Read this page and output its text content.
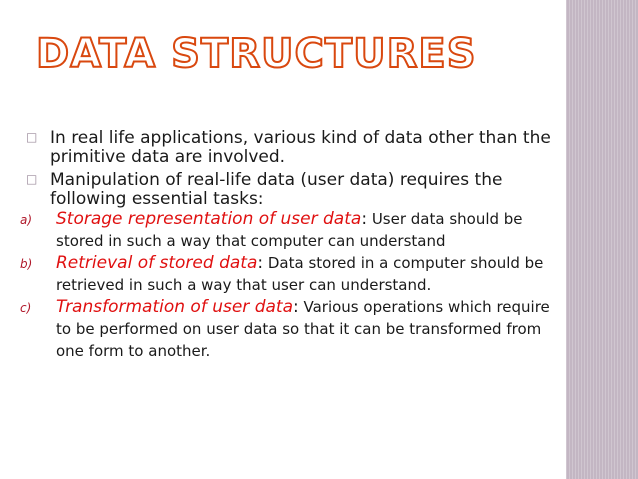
DATA STRUCTURES

□ In real life applications, various kind of data other than the primitive data are involved.

□ Manipulation of real-life data (user data) requires the following essential tasks:

a) Storage representation of user data: User data should be stored in such a way that computer can understand

b) Retrieval of stored data: Data stored in a computer should be retrieved in such a way that user can understand.

c) Transformation of user data: Various operations which require to be performed on user data so that it can be transformed from one form to another.
